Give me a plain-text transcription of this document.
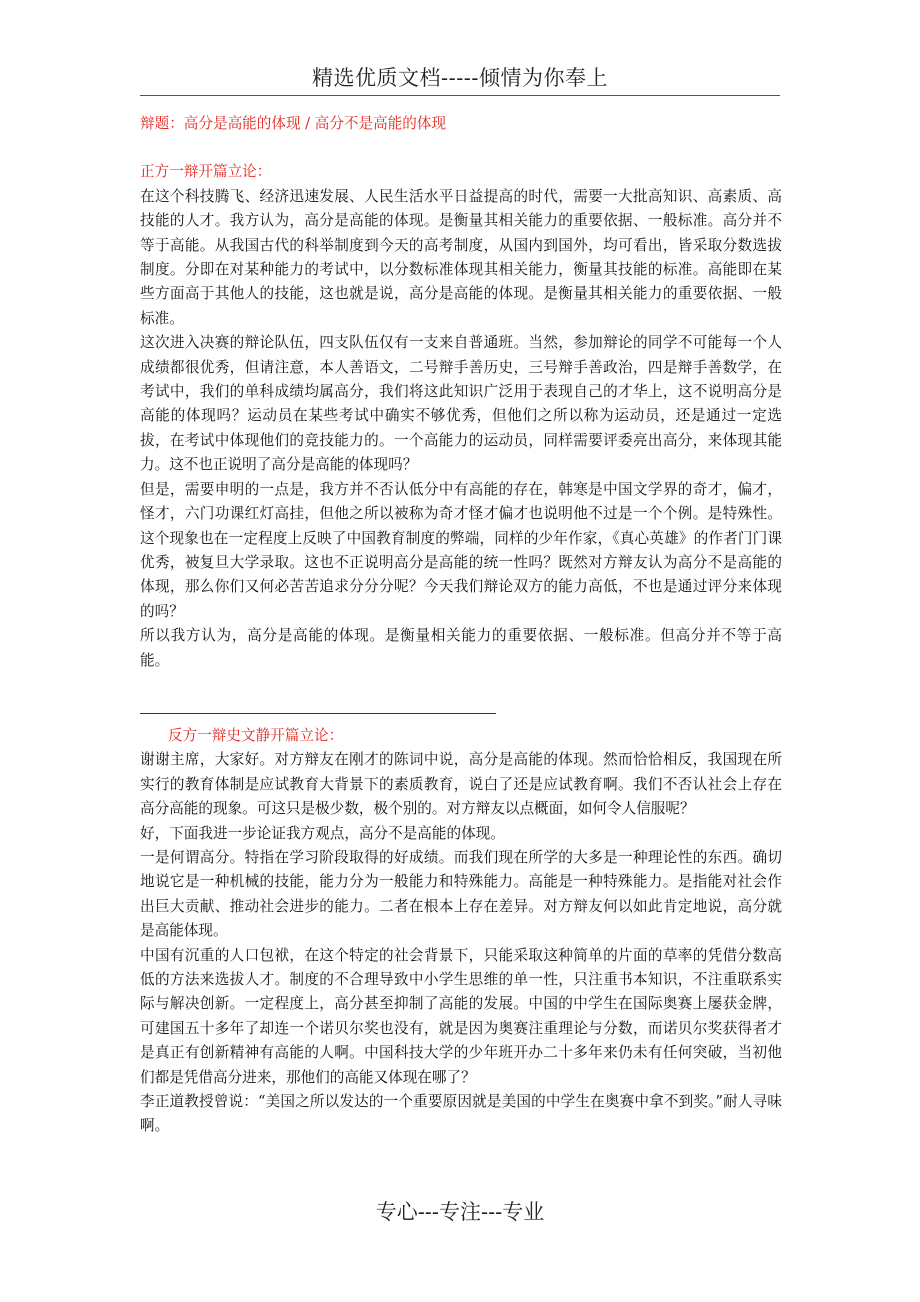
精选优质文档-----倾情为你奉上

辩题：高分是高能的体现 / 高分不是高能的体现

正方一辩开篇立论：

在这个科技腾飞、经济迅速发展、人民生活水平日益提高的时代，需要一大批高知识、高素质、高技能的人才。我方认为，高分是高能的体现。是衡量其相关能力的重要依据、一般标准。高分并不等于高能。从我国古代的科举制度到今天的高考制度，从国内到国外，均可看出，皆采取分数选拔制度。分即在对某种能力的考试中，以分数标准体现其相关能力，衡量其技能的标准。高能即在某些方面高于其他人的技能，这也就是说，高分是高能的体现。是衡量其相关能力的重要依据、一般标准。

这次进入决赛的辩论队伍，四支队伍仅有一支来自普通班。当然，参加辩论的同学不可能每一个人成绩都很优秀，但请注意，本人善语文，二号辩手善历史，三号辩手善政治，四是辩手善数学，在考试中，我们的单科成绩均属高分，我们将这此知识广泛用于表现自己的才华上，这不说明高分是高能的体现吗？运动员在某些考试中确实不够优秀，但他们之所以称为运动员，还是通过一定选拔，在考试中体现他们的竞技能力的。一个高能力的运动员，同样需要评委亮出高分，来体现其能力。这不也正说明了高分是高能的体现吗？

但是，需要申明的一点是，我方并不否认低分中有高能的存在，韩寒是中国文学界的奇才，偏才，怪才，六门功课红灯高挂，但他之所以被称为奇才怪才偏才也说明他不过是一个个例。是特殊性。这个现象也在一定程度上反映了中国教育制度的弊端，同样的少年作家，《真心英雄》的作者门门课优秀，被复旦大学录取。这也不正说明高分是高能的统一性吗？既然对方辩友认为高分不是高能的体现，那么你们又何必苦苦追求分分分呢？今天我们辩论双方的能力高低，不也是通过评分来体现的吗？

所以我方认为，高分是高能的体现。是衡量相关能力的重要依据、一般标准。但高分并不等于高能。

反方一辩史文静开篇立论：

谢谢主席，大家好。对方辩友在刚才的陈词中说，高分是高能的体现。然而恰恰相反，我国现在所实行的教育体制是应试教育大背景下的素质教育，说白了还是应试教育啊。我们不否认社会上存在高分高能的现象。可这只是极少数，极个别的。对方辩友以点概面，如何令人信服呢？

好，下面我进一步论证我方观点，高分不是高能的体现。

一是何谓高分。特指在学习阶段取得的好成绩。而我们现在所学的大多是一种理论性的东西。确切地说它是一种机械的技能，能力分为一般能力和特殊能力。高能是一种特殊能力。是指能对社会作出巨大贡献、推动社会进步的能力。二者在根本上存在差异。对方辩友何以如此肯定地说，高分就是高能体现。

中国有沉重的人口包袱，在这个特定的社会背景下，只能采取这种简单的片面的草率的凭借分数高低的方法来选拔人才。制度的不合理导致中小学生思维的单一性，只注重书本知识，不注重联系实际与解决创新。一定程度上，高分甚至抑制了高能的发展。中国的中学生在国际奥赛上屡获金牌，可建国五十多年了却连一个诺贝尔奖也没有，就是因为奥赛注重理论与分数，而诺贝尔奖获得者才是真正有创新精神有高能的人啊。中国科技大学的少年班开办二十多年来仍未有任何突破，当初他们都是凭借高分进来，那他们的高能又体现在哪了？

李正道教授曾说：“美国之所以发达的一个重要原因就是美国的中学生在奥赛中拿不到奖。”耐人寻味啊。

专心---专注---专业
